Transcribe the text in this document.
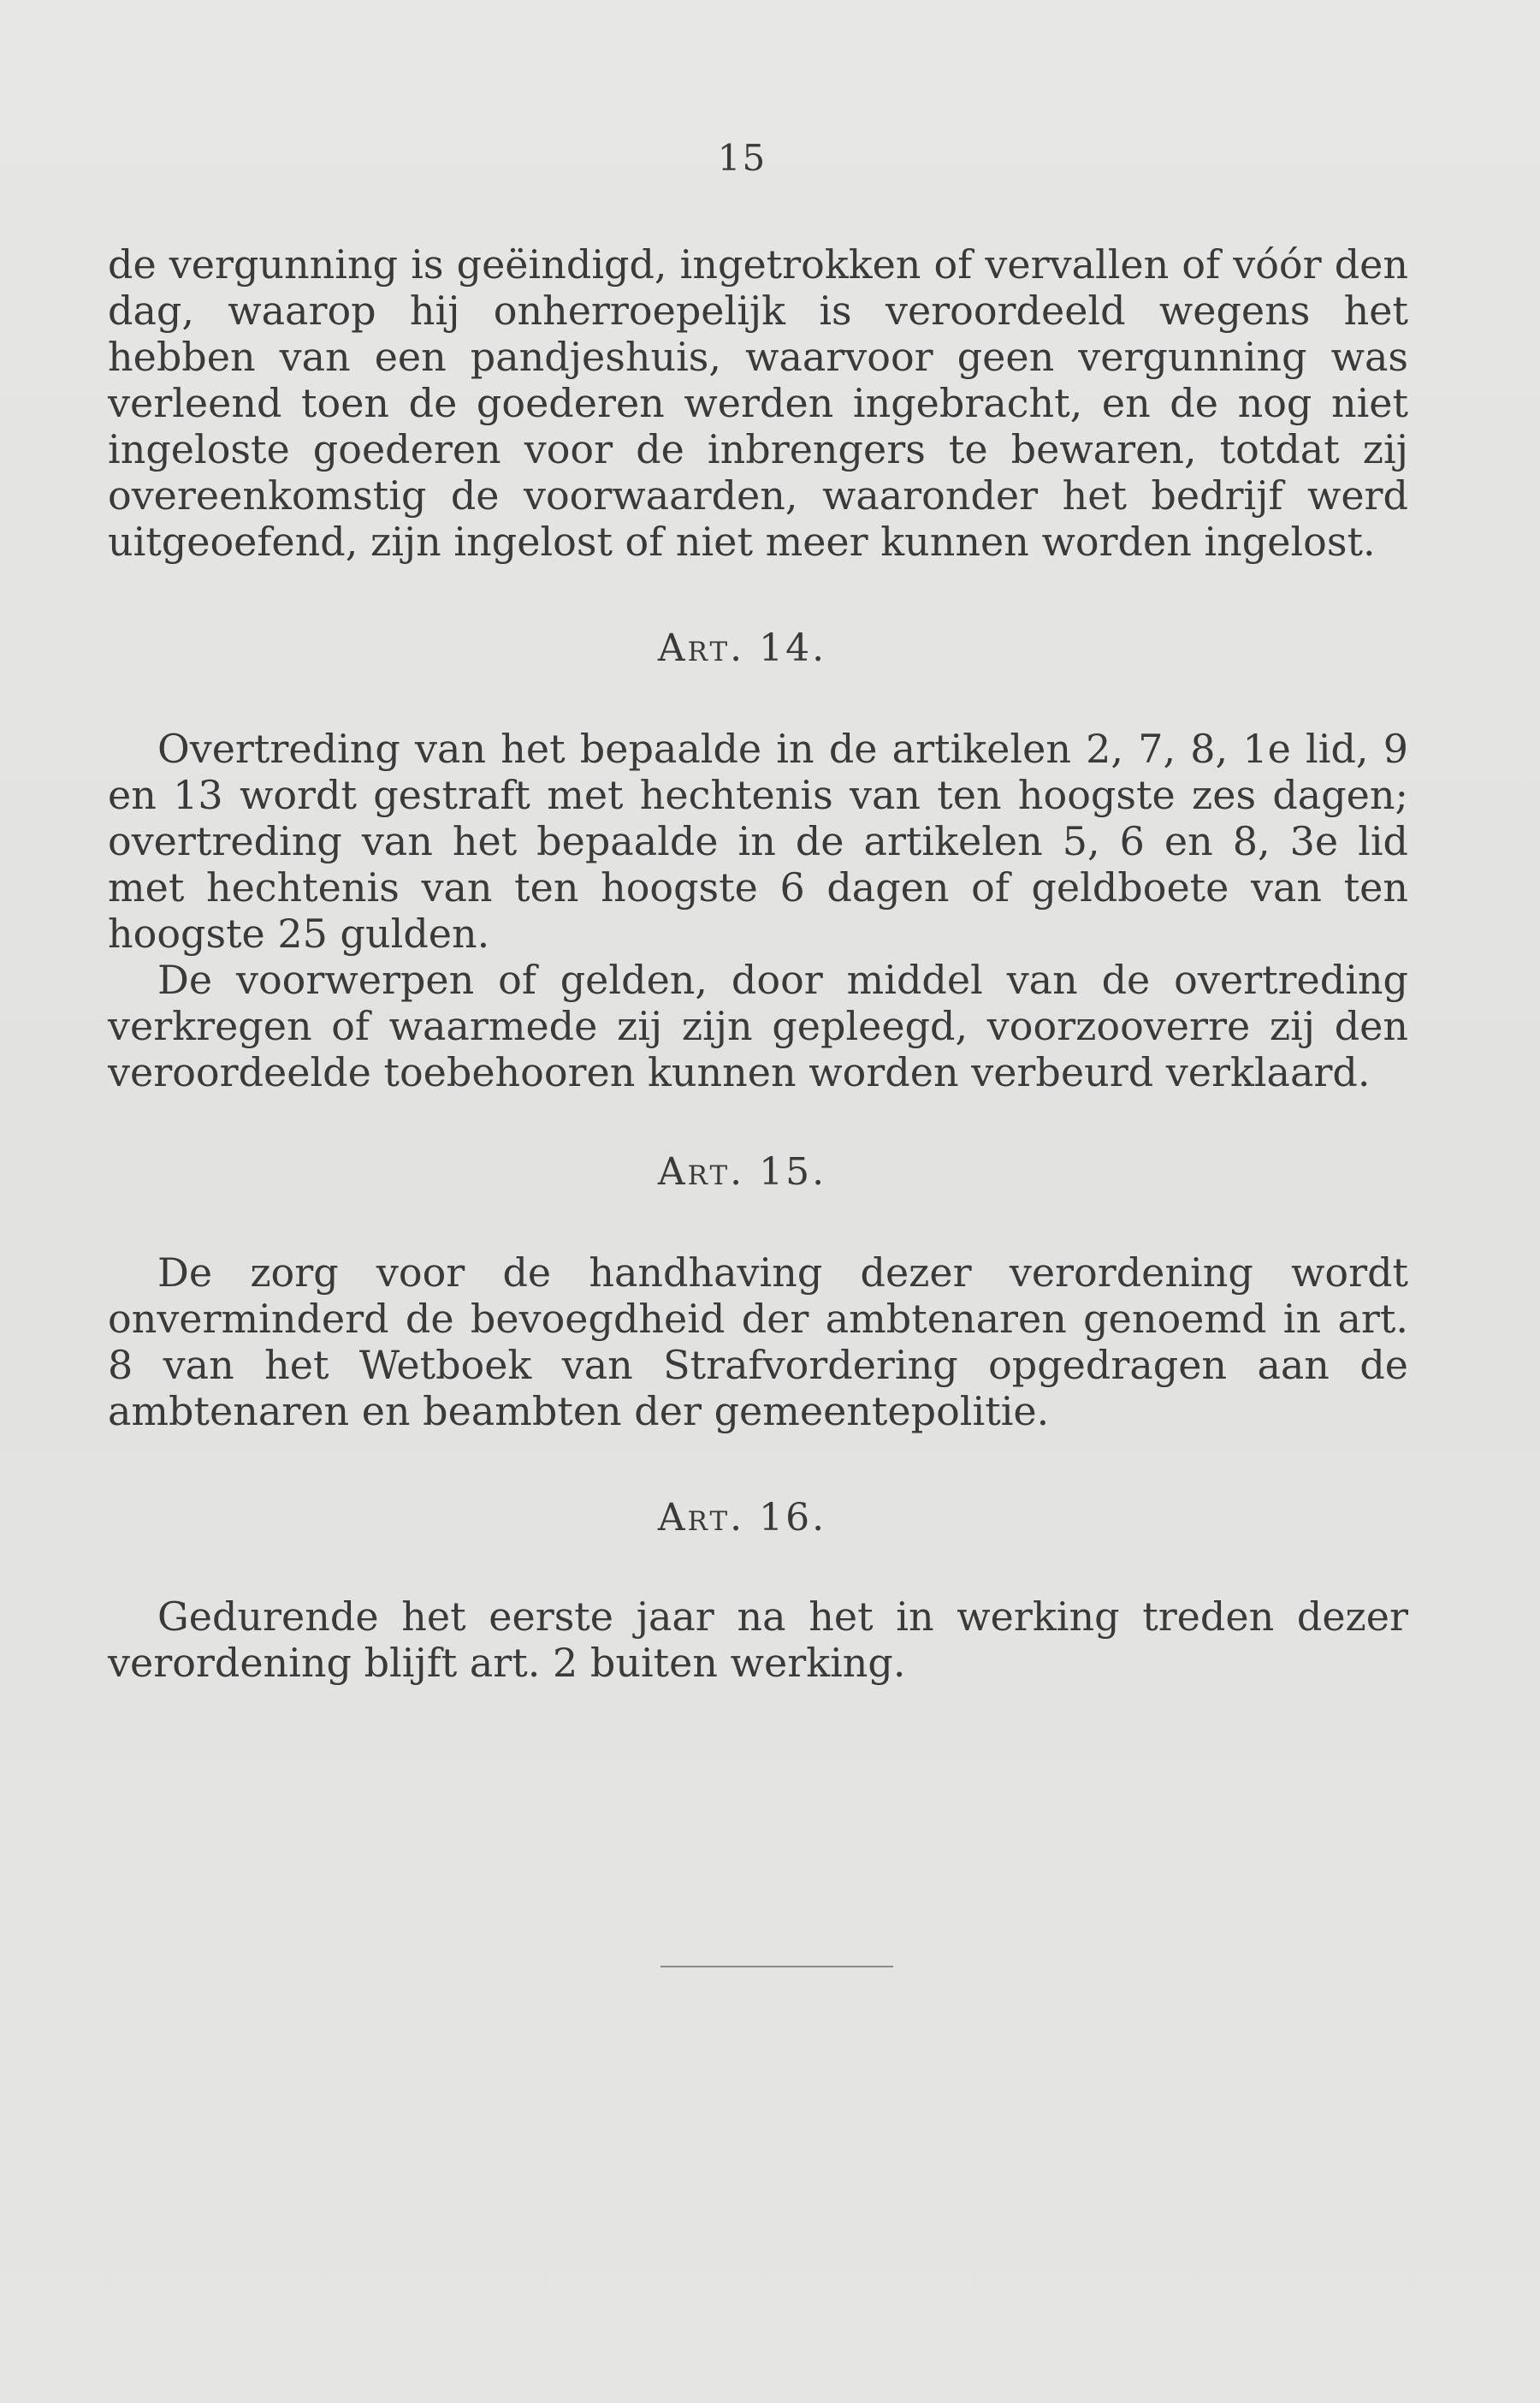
15

de vergunning is geëindigd, ingetrokken of vervallen of vóór den dag, waarop hij onherroepelijk is veroordeeld wegens het hebben van een pandjeshuis, waarvoor geen vergunning was verleend toen de goederen werden ingebracht, en de nog niet ingeloste goederen voor de inbrengers te bewaren, totdat zij overeenkomstig de voorwaarden, waaronder het bedrijf werd uitgeoefend, zijn ingelost of niet meer kunnen worden ingelost.

Art. 14.

Overtreding van het bepaalde in de artikelen 2, 7, 8, 1e lid, 9 en 13 wordt gestraft met hechtenis van ten hoogste zes dagen; overtreding van het bepaalde in de artikelen 5, 6 en 8, 3e lid met hechtenis van ten hoogste 6 dagen of geldboete van ten hoogste 25 gulden.

De voorwerpen of gelden, door middel van de overtreding verkregen of waarmede zij zijn gepleegd, voorzooverre zij den veroordeelde toebehooren kunnen worden verbeurd verklaard.

Art. 15.

De zorg voor de handhaving dezer verordening wordt onverminderd de bevoegdheid der ambtenaren genoemd in art. 8 van het Wetboek van Strafvordering opgedragen aan de ambtenaren en beambten der gemeentepolitie.

Art. 16.

Gedurende het eerste jaar na het in werking treden dezer verordening blijft art. 2 buiten werking.
